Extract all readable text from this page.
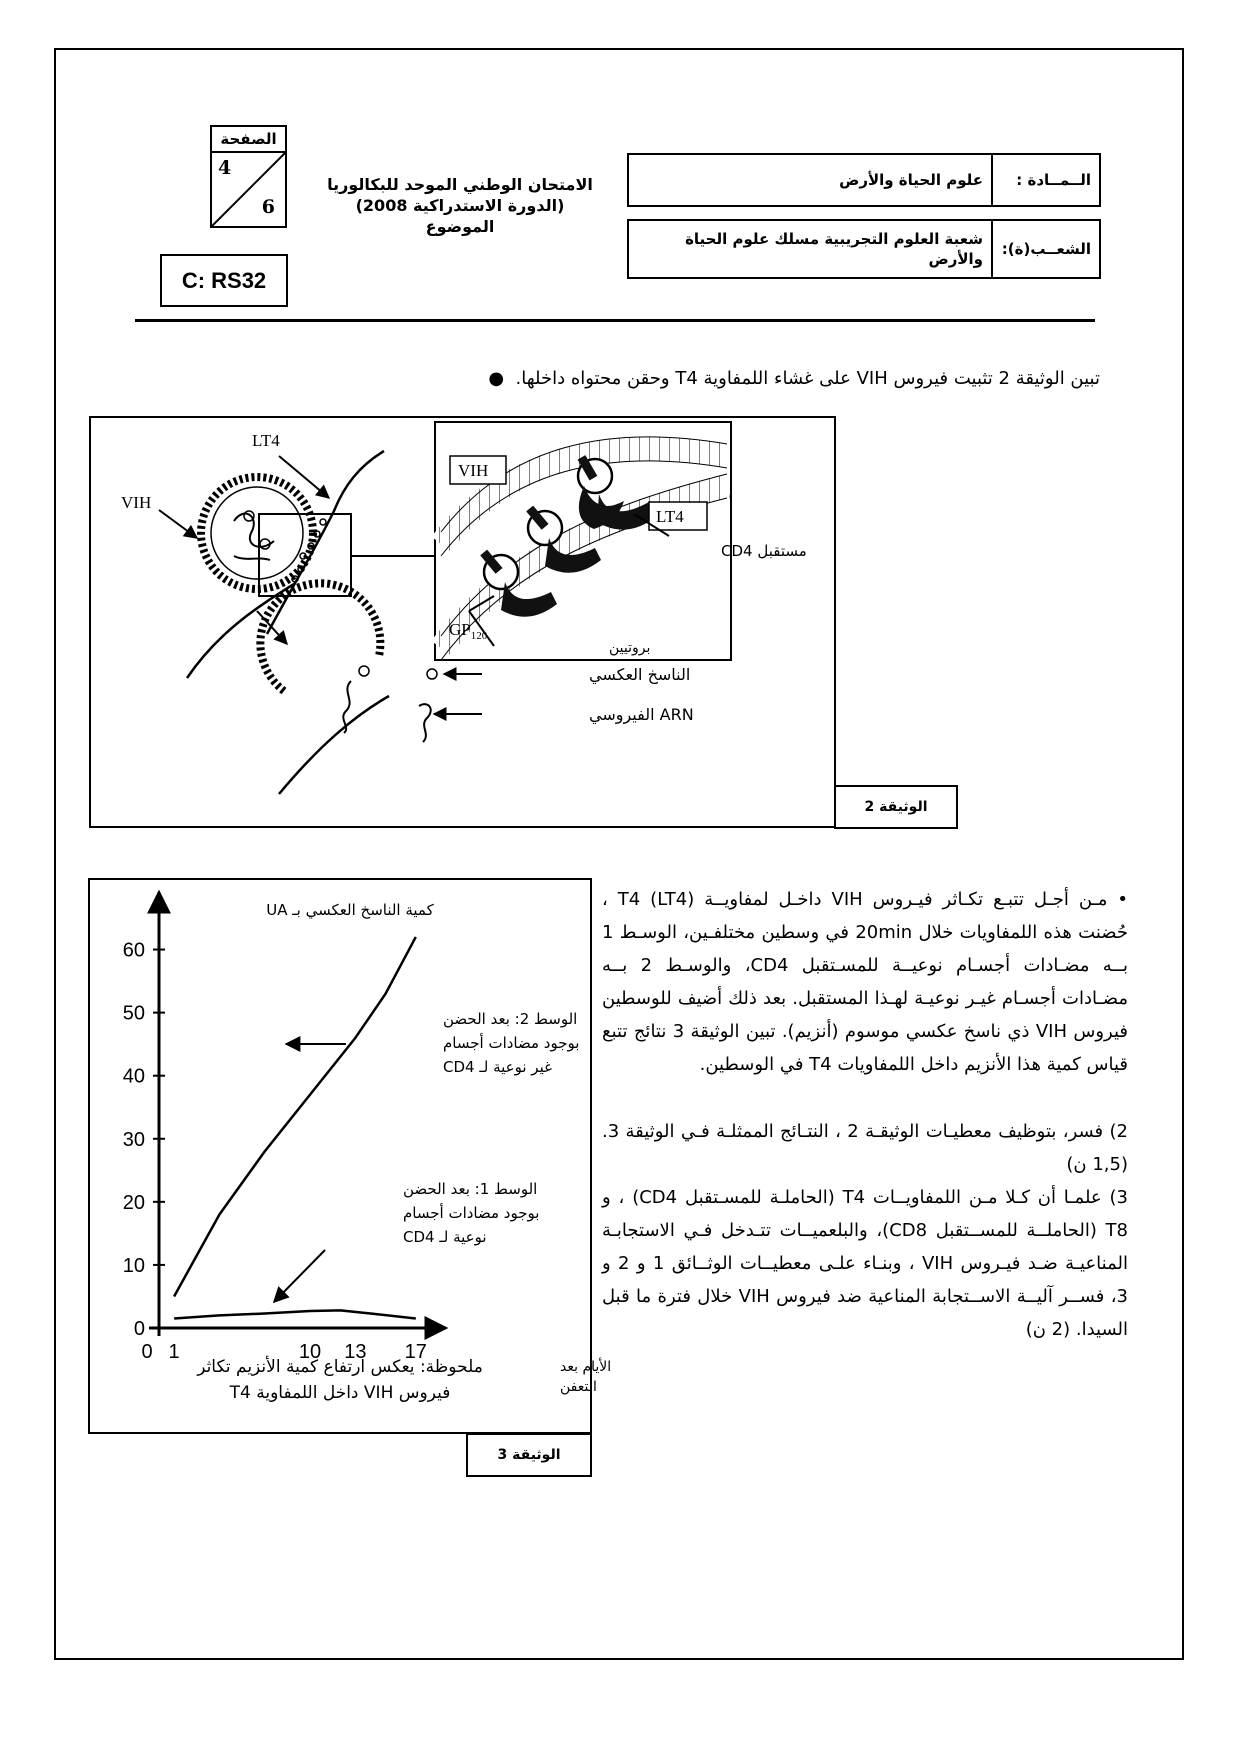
الصفحة
4
6
C: RS32
الامتحان الوطني الموحد للبكالوريا
(الدورة الاستدراكية 2008)
الموضوع
الــمــادة :	علوم الحياة والأرض

الشعــب(ة):	شعبة العلوم التجريبية مسلك علوم الحياة والأرض
تبين الوثيقة 2 تثبيت فيروس VIH على غشاء اللمفاوية T4 وحقن محتواه داخلها.  ●
LT4
VIH
الناسخ العكسي
ARN الفيروسي
VIH
LT4
مستقبل CD4
$GP_{120}$
بروتيين
الوثيقة 2
0
10
20
30
40
50
60
0 1	10 13 17
كمية الناسخ العكسي بـ UA
الأيام بعد
التعفن
الوسط 2: بعد الحضن
بوجود مضادات أجسام
غير نوعية لـ CD4
الوسط 1: بعد الحضن
بوجود مضادات أجسام
نوعية لـ CD4
ملحوظة: يعكس ارتفاع كمية الأنزيم تكاثر
فيروس VIH داخل اللمفاوية T4
الوثيقة 3

• مـن أجـل تتبـع تكـاثر فيـروس VIH داخـل لمفاويــة T4 (LT4) ، حُضنت هذه اللمفاويات خلال 20min في وسطين مختلفـين، الوسـط 1 بــه مضـادات أجسـام نوعيــة للمسـتقبل CD4، والوسـط 2 بــه مضـادات أجسـام غيـر نوعيـة لهـذا المستقبل. بعد ذلك أضيف للوسطين فيروس VIH ذي ناسخ عكسي موسوم (أنزيم). تبين الوثيقة 3 نتائج تتبع قياس كمية هذا الأنزيم داخل اللمفاويات T4 في الوسطين.

2) فسر، بتوظيف معطيـات الوثيقـة 2 ، النتـائج الممثلـة فـي الوثيقة 3. (1,5 ن)

3) علمـا أن كـلا مـن اللمفاويــات T4 (الحاملـة للمسـتقبل CD4) ، و T8 (الحاملــة للمســتقبل CD8)، والبلعميــات تتـدخل فـي الاستجابـة المناعيـة ضـد فيـروس VIH ، وبنـاء علـى معطيــات الوثــائق 1 و 2 و 3، فســر آليــة الاســتجابة المناعية ضد فيروس VIH خلال فترة ما قبل السيدا. (2 ن)
